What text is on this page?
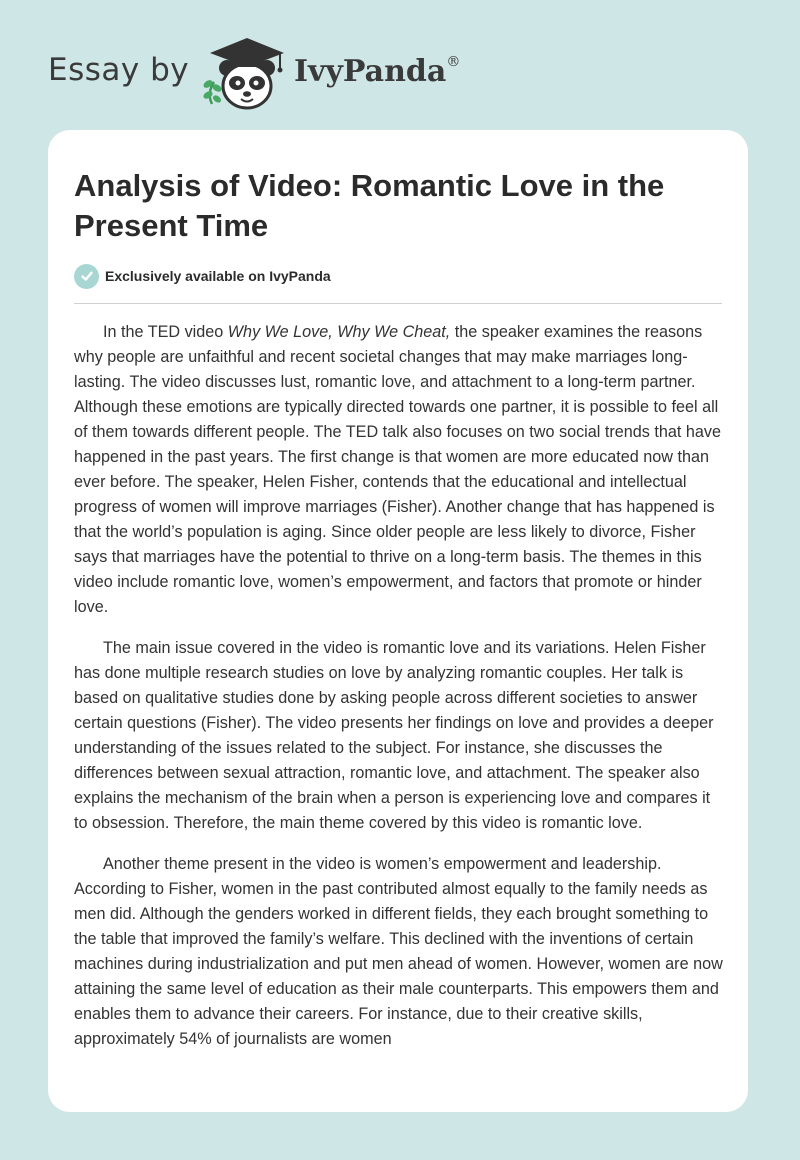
Essay by	IvyPanda®
Analysis of Video: Romantic Love in the Present Time
Exclusively available on IvyPanda

In the TED video Why We Love, Why We Cheat, the speaker examines the reasons why people are unfaithful and recent societal changes that may make marriages long-lasting. The video discusses lust, romantic love, and attachment to a long-term partner. Although these emotions are typically directed towards one partner, it is possible to feel all of them towards different people. The TED talk also focuses on two social trends that have happened in the past years. The first change is that women are more educated now than ever before. The speaker, Helen Fisher, contends that the educational and intellectual progress of women will improve marriages (Fisher). Another change that has happened is that the world’s population is aging. Since older people are less likely to divorce, Fisher says that marriages have the potential to thrive on a long-term basis. The themes in this video include romantic love, women’s empowerment, and factors that promote or hinder love.

The main issue covered in the video is romantic love and its variations. Helen Fisher has done multiple research studies on love by analyzing romantic couples. Her talk is based on qualitative studies done by asking people across different societies to answer certain questions (Fisher). The video presents her findings on love and provides a deeper understanding of the issues related to the subject. For instance, she discusses the differences between sexual attraction, romantic love, and attachment. The speaker also explains the mechanism of the brain when a person is experiencing love and compares it to obsession. Therefore, the main theme covered by this video is romantic love.

Another theme present in the video is women’s empowerment and leadership. According to Fisher, women in the past contributed almost equally to the family needs as men did. Although the genders worked in different fields, they each brought something to the table that improved the family’s welfare. This declined with the inventions of certain machines during industrialization and put men ahead of women. However, women are now attaining the same level of education as their male counterparts. This empowers them and enables them to advance their careers. For instance, due to their creative skills, approximately 54% of journalists are women
